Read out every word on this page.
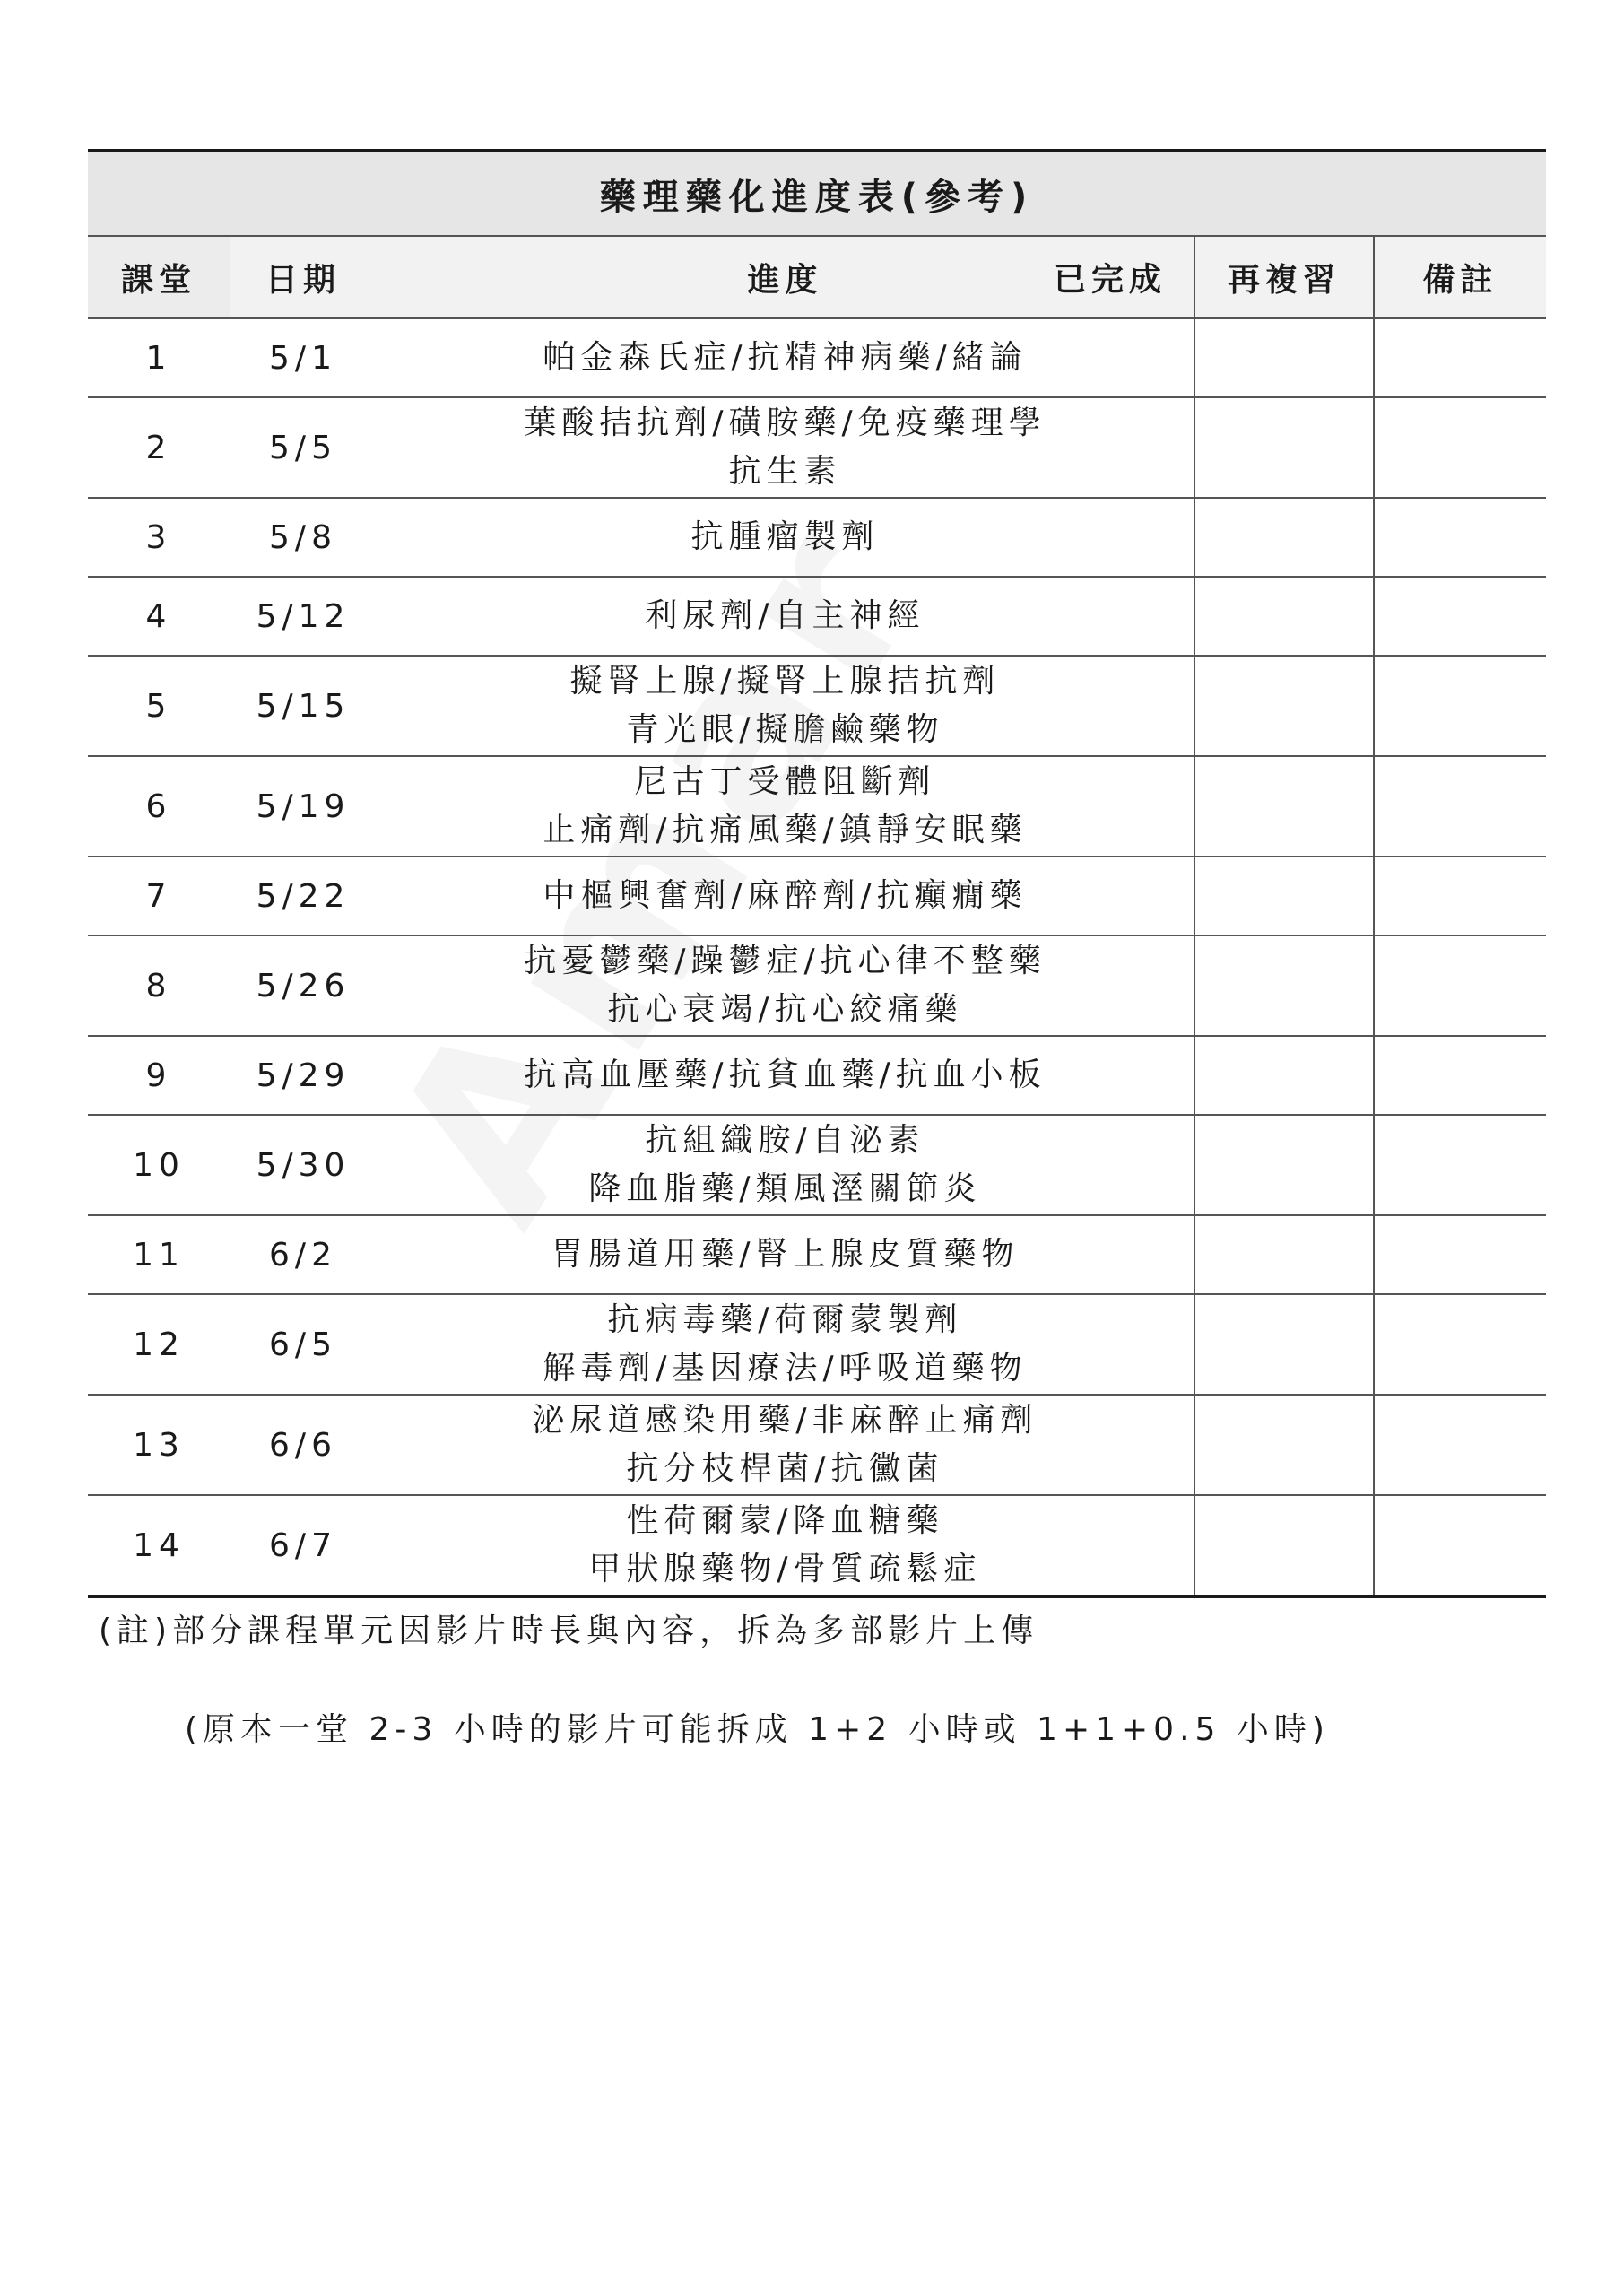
藥理藥化進度表(參考)
課堂	日期	進度 已完成	再複習	備註
1	5/1	帕金森氏症/抗精神病藥/緒論		

2	5/5	葉酸拮抗劑/磺胺藥/免疫藥理學
抗生素		

3	5/8	抗腫瘤製劑		

4	5/12	利尿劑/自主神經		

5	5/15	擬腎上腺/擬腎上腺拮抗劑
青光眼/擬膽鹼藥物		

6	5/19	尼古丁受體阻斷劑
止痛劑/抗痛風藥/鎮靜安眠藥		

7	5/22	中樞興奮劑/麻醉劑/抗癲癇藥		

8	5/26	抗憂鬱藥/躁鬱症/抗心律不整藥
抗心衰竭/抗心絞痛藥		

9	5/29	抗高血壓藥/抗貧血藥/抗血小板		

10	5/30	抗組織胺/自泌素
降血脂藥/類風溼關節炎		

11	6/2	胃腸道用藥/腎上腺皮質藥物		

12	6/5	抗病毒藥/荷爾蒙製劑
解毒劑/基因療法/呼吸道藥物		

13	6/6	泌尿道感染用藥/非麻醉止痛劑
抗分枝桿菌/抗黴菌		

14	6/7	性荷爾蒙/降血糖藥
甲狀腺藥物/骨質疏鬆症		

(註)部分課程單元因影片時長與內容，拆為多部影片上傳
(原本一堂 2-3 小時的影片可能拆成 1+2 小時或 1+1+0.5 小時)
